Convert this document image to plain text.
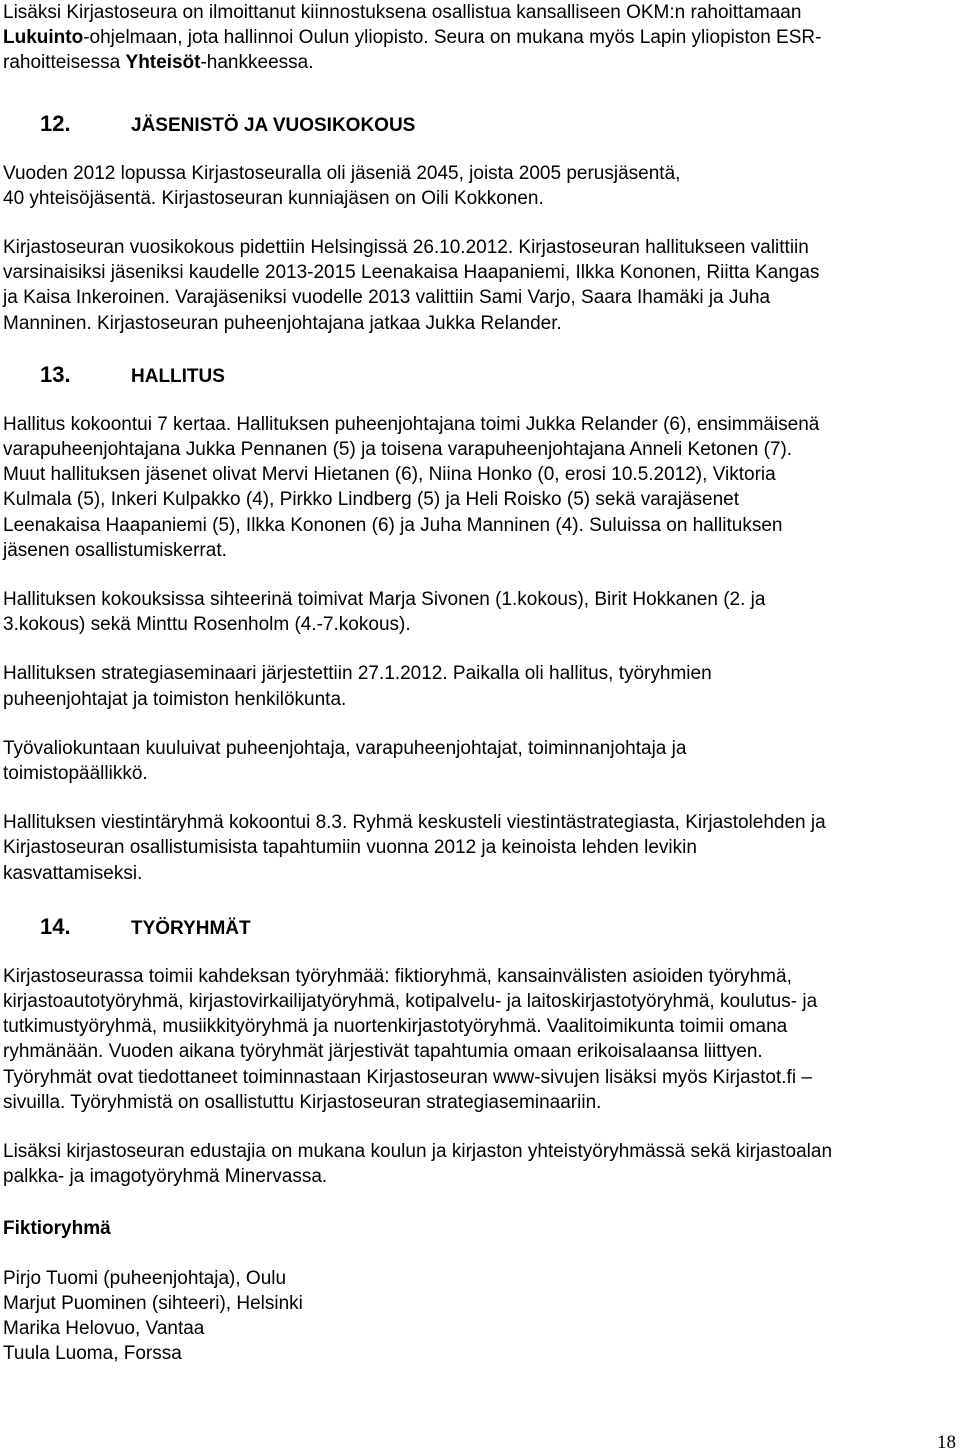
Lisäksi Kirjastoseura on ilmoittanut kiinnostuksena osallistua kansalliseen OKM:n rahoittamaan
Lukuinto-ohjelmaan, jota hallinnoi Oulun yliopisto. Seura on mukana myös Lapin yliopiston ESR-
rahoitteisessa Yhteisöt-hankkeessa.

12.	JÄSENISTÖ JA VUOSIKOKOUS

Vuoden 2012 lopussa Kirjastoseuralla oli jäseniä 2045, joista 2005 perusjäsentä,
40 yhteisöjäsentä. Kirjastoseuran kunniajäsen on Oili Kokkonen.

Kirjastoseuran vuosikokous pidettiin Helsingissä 26.10.2012. Kirjastoseuran hallitukseen valittiin
varsinaisiksi jäseniksi kaudelle 2013-2015 Leenakaisa Haapaniemi, Ilkka Kononen, Riitta Kangas
ja Kaisa Inkeroinen. Varajäseniksi vuodelle 2013 valittiin Sami Varjo, Saara Ihamäki ja Juha
Manninen. Kirjastoseuran puheenjohtajana jatkaa Jukka Relander.

13.	HALLITUS

Hallitus kokoontui 7 kertaa. Hallituksen puheenjohtajana toimi Jukka Relander (6), ensimmäisenä
varapuheenjohtajana Jukka Pennanen (5) ja toisena varapuheenjohtajana Anneli Ketonen (7).
Muut hallituksen jäsenet olivat Mervi Hietanen (6), Niina Honko (0, erosi 10.5.2012), Viktoria
Kulmala (5), Inkeri Kulpakko (4), Pirkko Lindberg (5) ja Heli Roisko (5) sekä varajäsenet
Leenakaisa Haapaniemi (5), Ilkka Kononen (6) ja Juha Manninen (4). Suluissa on hallituksen
jäsenen osallistumiskerrat.

Hallituksen kokouksissa sihteerinä toimivat Marja Sivonen (1.kokous), Birit Hokkanen (2. ja
3.kokous) sekä Minttu Rosenholm (4.-7.kokous).

Hallituksen strategiaseminaari järjestettiin 27.1.2012. Paikalla oli hallitus, työryhmien
puheenjohtajat ja toimiston henkilökunta.

Työvaliokuntaan kuuluivat puheenjohtaja, varapuheenjohtajat, toiminnanjohtaja ja
toimistopäällikkö.

Hallituksen viestintäryhmä kokoontui 8.3. Ryhmä keskusteli viestintästrategiasta, Kirjastolehden ja
Kirjastoseuran osallistumisista tapahtumiin vuonna 2012 ja keinoista lehden levikin
kasvattamiseksi.

14.	TYÖRYHMÄT

Kirjastoseurassa toimii kahdeksan työryhmää: fiktioryhmä, kansainvälisten asioiden työryhmä,
kirjastoautotyöryhmä, kirjastovirkailijatyöryhmä, kotipalvelu- ja laitoskirjastotyöryhmä, koulutus- ja
tutkimustyöryhmä, musiikkityöryhmä ja nuortenkirjastotyöryhmä. Vaalitoimikunta toimii omana
ryhmänään. Vuoden aikana työryhmät järjestivät tapahtumia omaan erikoisalaansa liittyen.
Työryhmät ovat tiedottaneet toiminnastaan Kirjastoseuran www-sivujen lisäksi myös Kirjastot.fi –
sivuilla. Työryhmistä on osallistuttu Kirjastoseuran strategiaseminaariin.

Lisäksi kirjastoseuran edustajia on mukana koulun ja kirjaston yhteistyöryhmässä sekä kirjastoalan
palkka- ja imagotyöryhmä Minervassa.

Fiktioryhmä

Pirjo Tuomi (puheenjohtaja), Oulu

Marjut Puominen (sihteeri), Helsinki

Marika Helovuo, Vantaa

Tuula Luoma, Forssa

18
